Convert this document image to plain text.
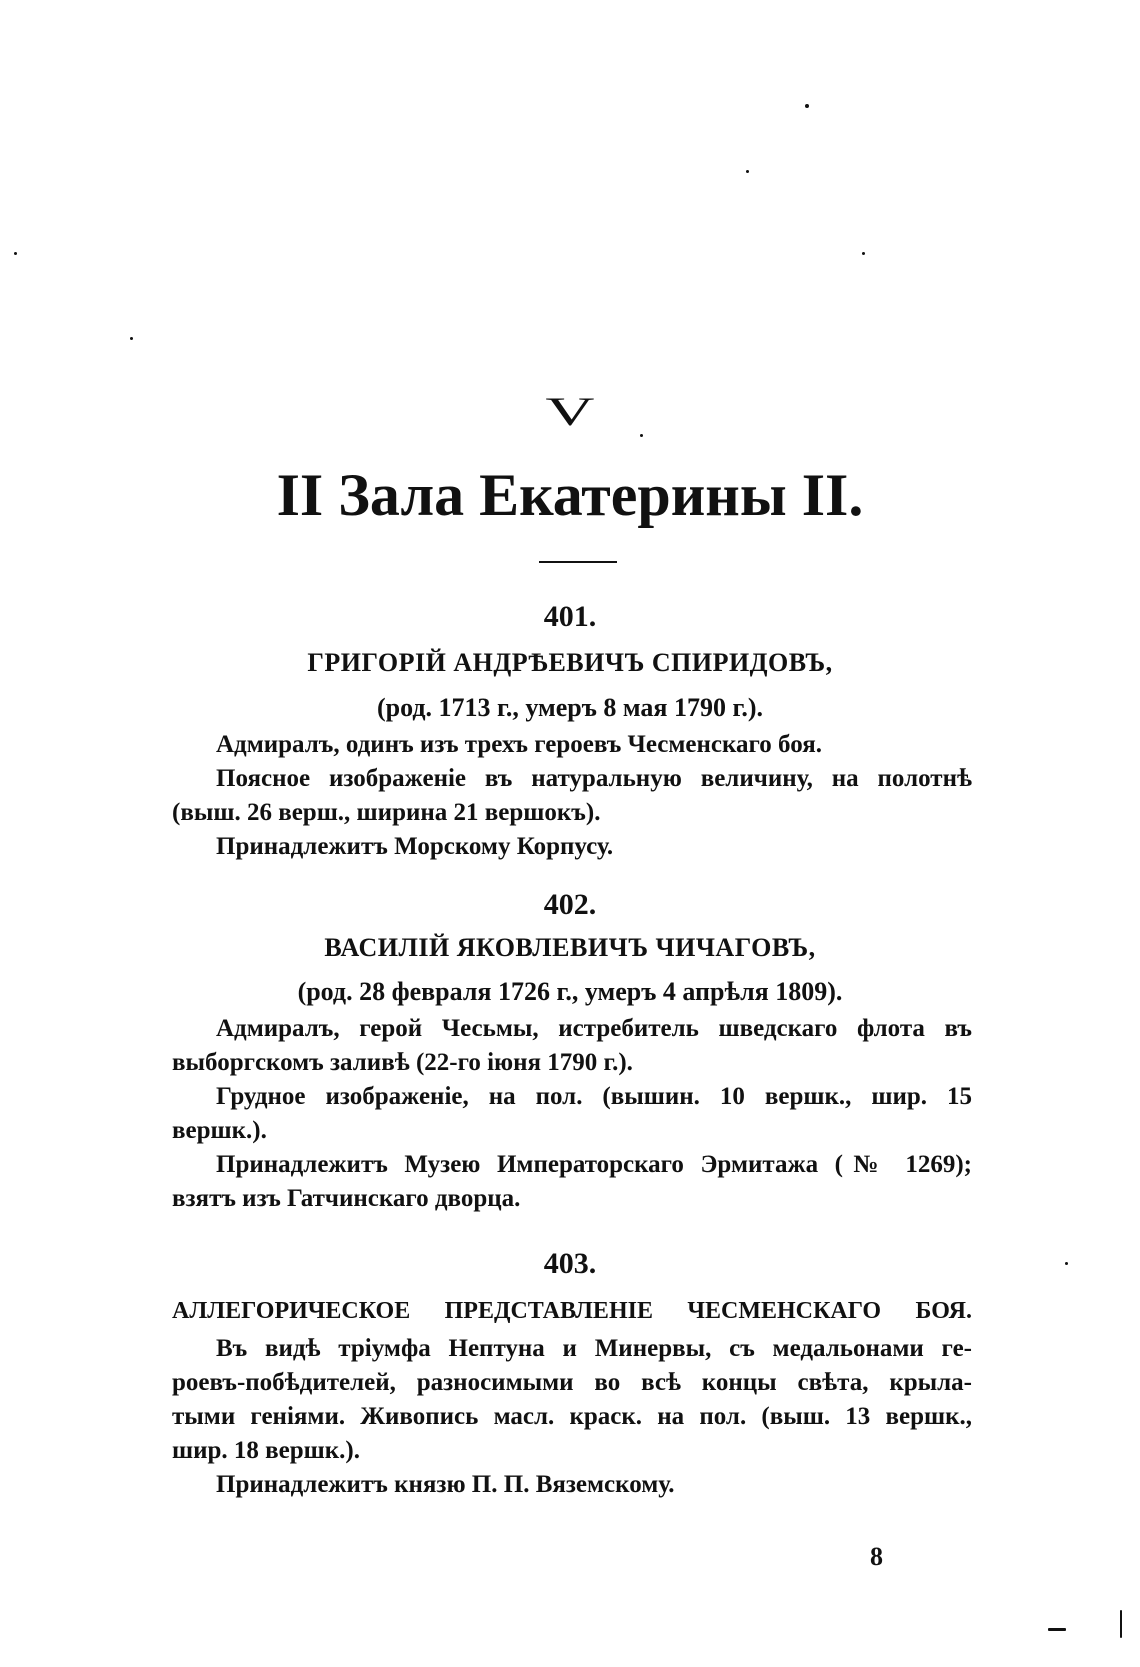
V
II Зала Екатерины II.
401.
ГРИГОРІЙ АНДРѢЕВИЧЪ СПИРИДОВЪ,
(род. 1713 г., умеръ 8 мая 1790 г.).
Адмиралъ, одинъ изъ трехъ героевъ Чесменскаго боя.
Поясное изображеніе въ натуральную величину, на полотнѣ
(выш. 26 верш., ширина 21 вершокъ).
Принадлежитъ Морскому Корпусу.
402.
ВАСИЛІЙ ЯКОВЛЕВИЧЪ ЧИЧАГОВЪ,
(род. 28 февраля 1726 г., умеръ 4 апрѣля 1809).
Адмиралъ, герой Чесьмы, истребитель шведскаго флота въ
выборгскомъ заливѣ (22-го іюня 1790 г.).
Грудное изображеніе, на пол. (вышин. 10 вершк., шир. 15
вершк.).
Принадлежитъ Музею Императорскаго Эрмитажа (№ 1269);
взятъ изъ Гатчинскаго дворца.
403.
АЛЛЕГОРИЧЕСКОЕ ПРЕДСТАВЛЕНІЕ ЧЕСМЕНСКАГО БОЯ.
Въ видѣ тріумфа Нептуна и Минервы, съ медальонами ге-
роевъ-побѣдителей, разносимыми во всѣ концы свѣта, крыла-
тыми геніями. Живопись масл. краск. на пол. (выш. 13 вершк.,
шир. 18 вершк.).
Принадлежитъ князю П. П. Вяземскому.
8
